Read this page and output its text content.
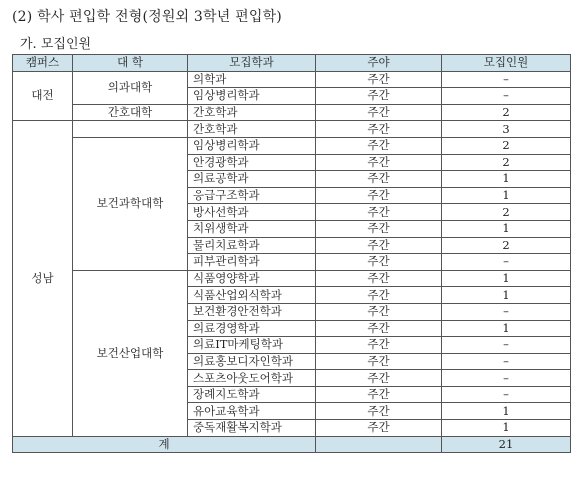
(2) 학사 편입학 전형(정원외 3학년 편입학)
가. 모집인원
캠퍼스	대 학	모집학과	주야	모집인원
대전	의과대학	의학과	주간	–
		임상병리학과	주간	–
	간호대학	간호학과	주간	2
성남		간호학과	주간	3
	보건과학대학	임상병리학과	주간	2
		안경광학과	주간	2
		의료공학과	주간	1
		응급구조학과	주간	1
		방사선학과	주간	2
		치위생학과	주간	1
		물리치료학과	주간	2
		피부관리학과	주간	–
	보건산업대학	식품영양학과	주간	1
		식품산업외식학과	주간	1
		보건환경안전학과	주간	–
		의료경영학과	주간	1
		의료IT마케팅학과	주간	–
		의료홍보디자인학과	주간	–
		스포츠아웃도어학과	주간	–
		장례지도학과	주간	–
		유아교육학과	주간	1
		중독재활복지학과	주간	1
계				21
